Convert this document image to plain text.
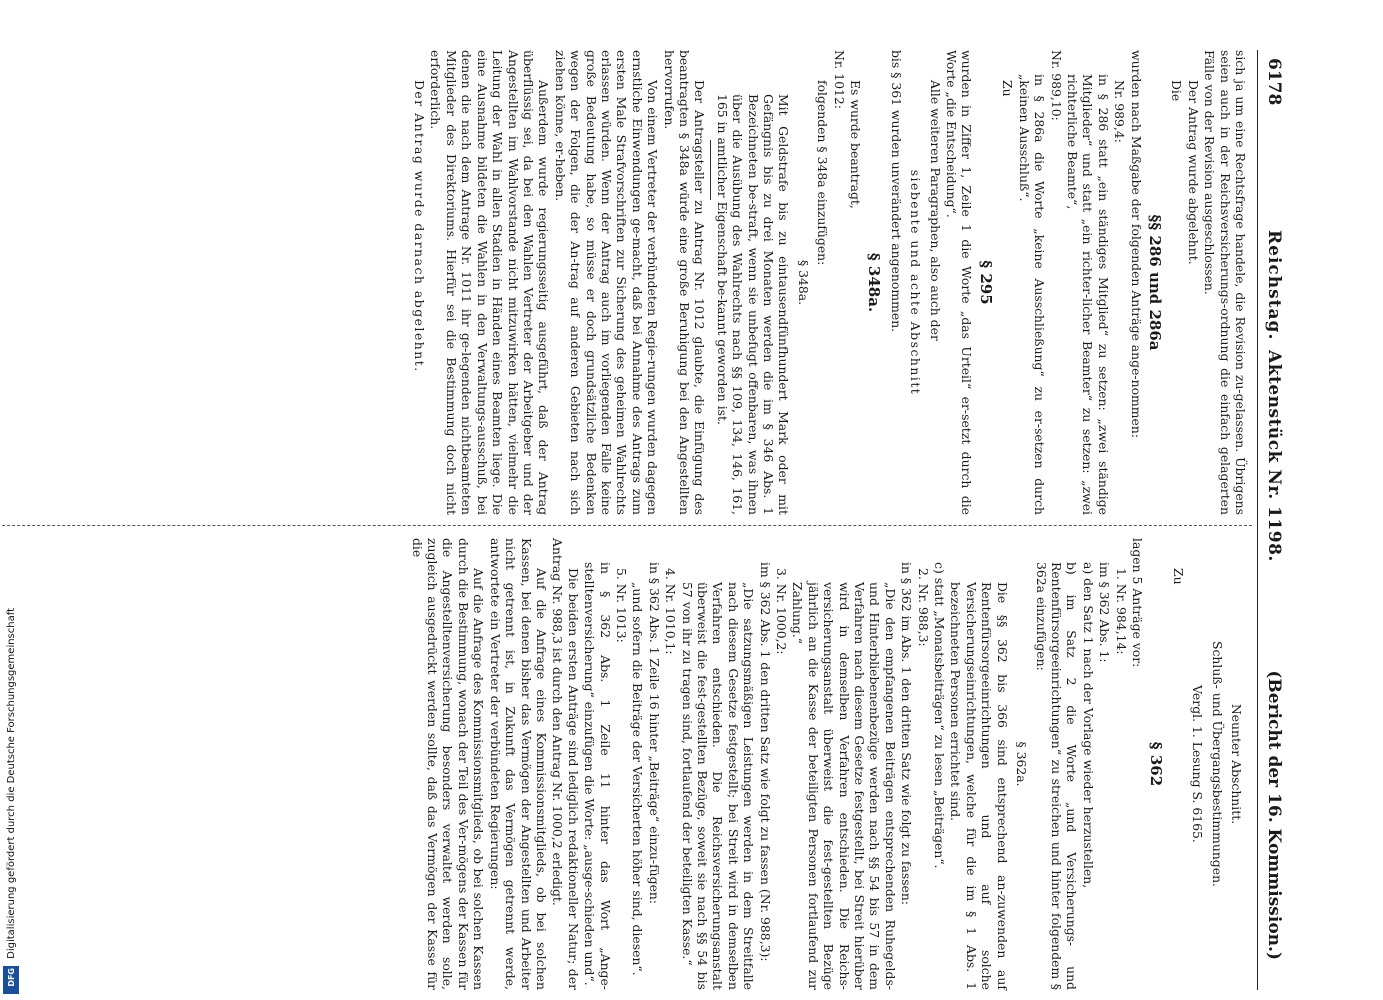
6178
Reichstag.
Aktenstück Nr. 1198.
(Bericht der 16. Kommission.)

sich ja um eine Rechtsfrage handele, die Revision zu-gelassen. Übrigens seien auch in der Reichsversicherungs-ordnung die einfach gelagerten Fälle von der Revision ausgeschlossen.

Der Antrag wurde abgelehnt.

Die

§§ 286 und 286a

wurden nach Maßgabe der folgenden Anträge ange-nommen:

Nr. 989,4:

in § 286 statt „ein ständiges Mitglied“ zu setzen: „zwei ständige Mitglieder“ und statt „ein richter-licher Beamter“ zu setzen: „zwei richterliche Beamte“,

Nr. 989,10:

in § 286a die Worte „keine Ausschließung“ zu er-setzen durch „keinen Ausschluß“.

Zu

§ 295

wurden in Ziffer 1, Zeile 1 die Worte „das Urteil“ er-setzt durch die Worte „die Entscheidung“.

Alle weiteren Paragraphen, also auch der

siebente und achte Abschnitt

bis § 361 wurden unverändert angenommen.

§ 348a.

Es wurde beantragt,

Nr. 1012:

folgenden § 348a einzufügen:

§ 348a.

Mit Geldstrafe bis zu eintausendfünfhundert Mark oder mit Gefängnis bis zu drei Monaten werden die im § 346 Abs. 1 Bezeichneten be-straft, wenn sie unbefugt offenbaren, was ihnen über die Ausübung des Wahlrechts nach §§ 109, 134, 146, 161, 165 in amtlicher Eigenschaft be-kannt geworden ist.

Der Antragsteller zu Antrag Nr. 1012 glaubte, die Einfügung des beantragten § 348a würde eine große Beruhigung bei den Angestellten hervorrufen.

Von einem Vertreter der verbündeten Regie-rungen wurden dagegen ernstliche Einwendungen ge-macht, daß bei Annahme des Antrags zum ersten Male Strafvorschriften zur Sicherung des geheimen Wahlrechts erlassen würden. Wenn der Antrag auch im vorliegenden Falle keine große Bedeutung habe, so müsse er doch grundsätzliche Bedenken wegen der Folgen, die der An-trag auf anderen Gebieten nach sich ziehen könne, er-heben.

Außerdem wurde regierungsseitig ausgeführt, daß der Antrag überflüssig sei, da bei den Wahlen Vertreter der Arbeitgeber und der Angestellten im Wahlvorstande nicht mitzuwirken hätten, vielmehr die Leitung der Wahl in allen Stadien in Händen eines Beamten liege. Die eine Ausnahme bildeten die Wahlen in den Verwaltungs-ausschuß, bei denen die nach dem Antrage Nr. 1011 ihr ge-legenden nichtbeamteten Mitglieder des Direktoriums. Hierfür sei die Bestimmung doch nicht erforderlich.

Der Antrag wurde darnach abgelehnt.

Neunter Abschnitt.

Schluß- und Übergangsbestimmungen.

Vergl. 1. Lesung S. 6165.

Zu

§ 362

lagen 5 Anträge vor:

1. Nr. 984,14:

im § 362 Abs. 1:

a) den Satz 1 nach der Vorlage wieder herzustellen,

b) im Satz 2 die Worte „und Versicherungs- und Rentenfürsorgeeinrichtungen“ zu streichen und hinter folgendem § 362a einzufügen:

§ 362a.

Die §§ 362 bis 366 sind entsprechend an-zuwenden auf Rentenfürsorgeeinrichtungen und auf solche Versicherungseinrichtungen, welche für die im § 1 Abs. 1 bezeichneten Personen errichtet sind.

c) statt „Monatsbeiträgen“ zu lesen „Beiträgen“.

2. Nr. 988,3:

in § 362 im Abs. 1 den dritten Satz wie folgt zu fassen:

„Die den empfangenen Beiträgen entsprechenden Ruhegelds- und Hinterbliebenenbezüge werden nach §§ 54 bis 57 in dem Verfahren nach diesem Gesetze festgestellt, bei Streit hierüber wird in demselben Verfahren entschieden. Die Reichs-versicherungsanstalt überweist die fest-gestellten Bezüge jährlich an die Kasse der beteiligten Personen fortlaufend zur Zahlung.“

3. Nr. 1000,2:

im § 362 Abs. 1 den dritten Satz wie folgt zu fassen (Nr. 988,3):

„Die satzungsmäßigen Leistungen werden in dem Streitfalle nach diesem Gesetze festgestellt; bei Streit wird in demselben Verfahren entschieden. Die Reichsversicherungsanstalt überweist die fest-gestellten Bezüge, soweit sie nach §§ 54 bis 57 von ihr zu tragen sind, fortlaufend der beteiligten Kasse.“

4. Nr. 1010,1:

in § 362 Abs. 1 Zeile 16 hinter „Beiträge“ einzu-fügen:

„und sofern die Beiträge der Versicherten höher sind, diesen“.

5. Nr. 1013:

in § 362 Abs. 1 Zeile 11 hinter das Wort „Ange-stelltenversicherung“ einzufügen die Worte: „ausge-schieden und“.

Die beiden ersten Anträge sind lediglich redaktioneller Natur; der Antrag Nr. 988,3 ist durch den Antrag Nr. 1000,2 erledigt.

Auf die Anfrage eines Kommissionsmitglieds, ob bei solchen Kassen, bei denen bisher das Vermögen der Angestellten und Arbeiter nicht getrennt ist, in Zukunft das Vermögen getrennt werde, antwortete ein Vertreter der verbündeten Regierungen:

Auf die Anfrage des Kommissionsmitglieds, ob bei solchen Kassen durch die Bestimmung, wonach der Teil des Ver-mögens der Kassen für die Angestelltenversicherung besonders verwaltet werden solle, zugleich ausgedrückt werden sollte, daß das Vermögen der Kasse für die

Digitalisierung gefördert durch die Deutsche Forschungsgemeinschaft
DFG
